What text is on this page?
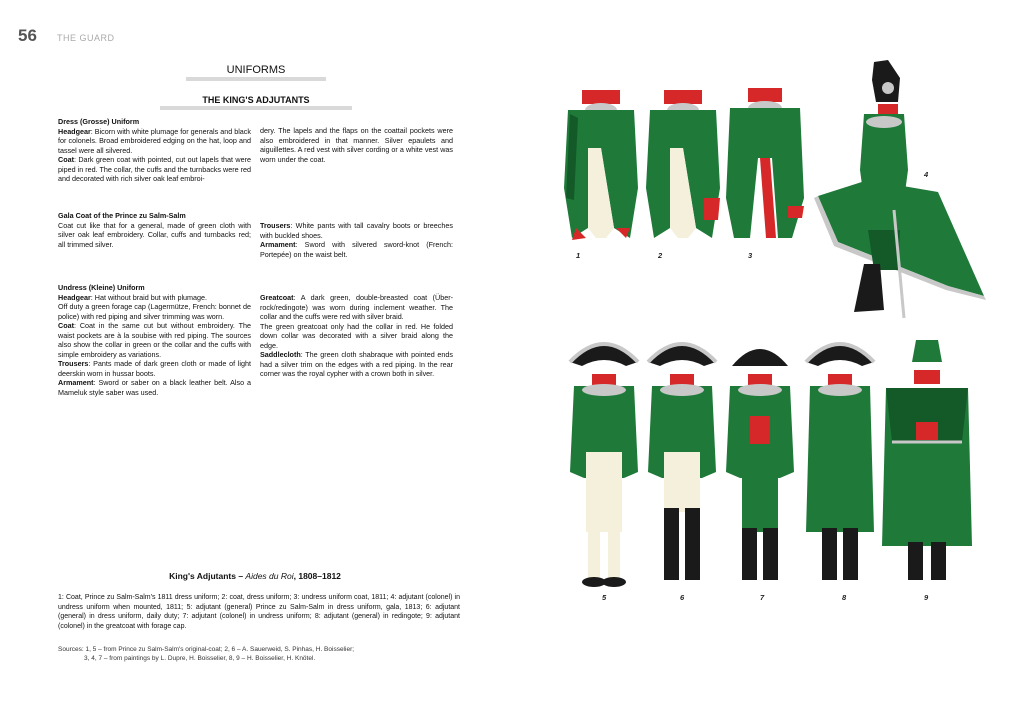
56 THE GUARD
UNIFORMS
THE KING'S ADJUTANTS

Dress (Grosse) Uniform

Headgear: Bicorn with white plumage for generals and black for colonels. Broad embroidered edging on the hat, loop and tassel were all silvered.

Coat: Dark green coat with pointed, cut out lapels that were piped in red. The collar, the cuffs and the turnbacks were red and decorated with rich silver oak leaf embroi-

dery. The lapels and the flaps on the coattail pockets were also embroidered in that manner. Silver epaulets and aiguillettes. A red vest with silver cording or a white vest was worn under the coat.

Gala Coat of the Prince zu Salm-Salm

Coat cut like that for a general, made of green cloth with silver oak leaf embroidery. Collar, cuffs and turnbacks red; all trimmed silver.

Trousers: White pants with tall cavalry boots or breeches with buckled shoes.

Armament: Sword with silvered sword-knot (French: Portepée) on the waist belt.

Undress (Kleine) Uniform

Headgear: Hat without braid but with plumage.

Off duty a green forage cap (Lagermütze, French: bonnet de police) with red piping and silver trimming was worn.

Coat: Coat in the same cut but without embroidery. The waist pockets are à la soubise with red piping. The sources also show the collar in green or the collar and the cuffs with simple embroidery as variations.

Trousers: Pants made of dark green cloth or made of light deerskin worn in hussar boots.

Armament: Sword or saber on a black leather belt. Also a Mameluk style saber was used.

Greatcoat: A dark green, double-breasted coat (Über-rock/redingote) was worn during inclement weather. The collar and the cuffs were red with silver braid.

The green greatcoat only had the collar in red. He folded down collar was decorated with a silver braid along the edge.

Saddlecloth: The green cloth shabraque with pointed ends had a silver trim on the edges with a red piping. In the rear corner was the royal cypher with a crown both in silver.

King's Adjutants – Aides du Roi, 1808–1812
1: Coat, Prince zu Salm-Salm's 1811 dress uniform; 2: coat, dress uniform; 3: undress uniform coat, 1811; 4: adjutant (colonel) in undress uniform when mounted, 1811; 5: adjutant (general) Prince zu Salm-Salm in dress uniform, gala, 1813; 6: adjutant (general) in dress uniform, daily duty; 7: adjutant (colonel) in undress uniform; 8: adjutant (general) in redingote; 9: adjutant (colonel) in the greatcoat with forage cap.
Sources: 1, 5 – from Prince zu Salm-Salm's original-coat; 2, 6 – A. Sauerweid, S. Pinhas, H. Boisselier;
3, 4, 7 – from paintings by L. Dupre, H. Boisselier, 8, 9 – H. Boisselier, H. Knötel.
1	2	3
4
5	6	7	8	9
